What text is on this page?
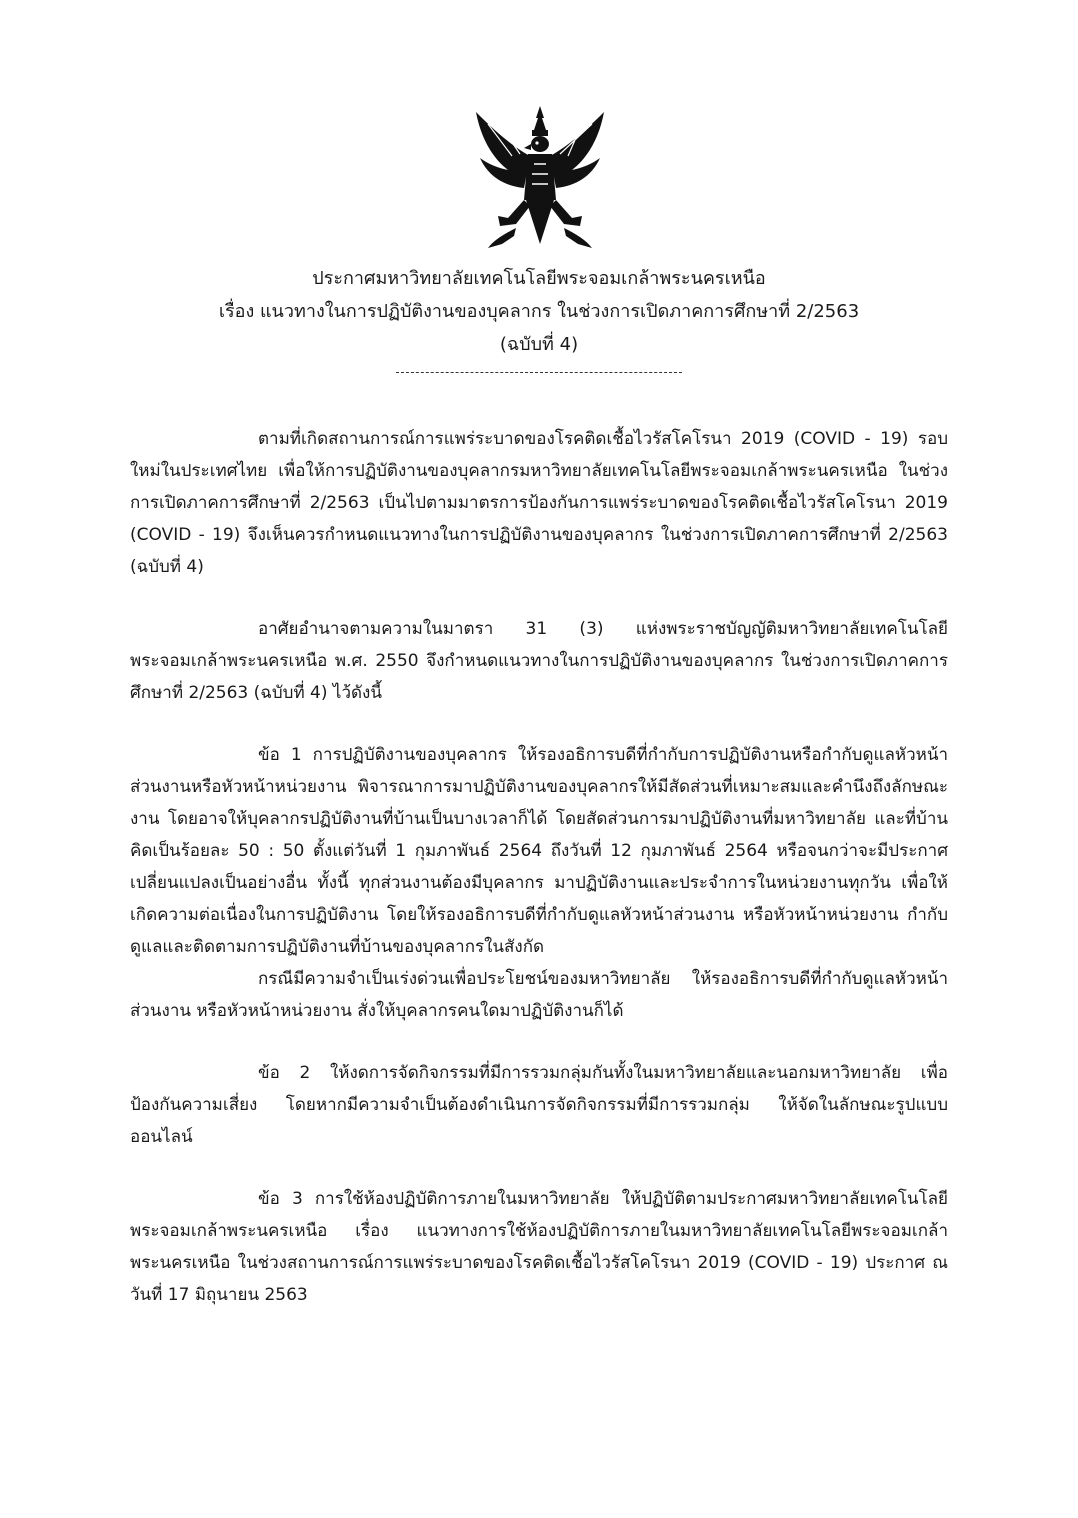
ประกาศมหาวิทยาลัยเทคโนโลยีพระจอมเกล้าพระนครเหนือ
เรื่อง แนวทางในการปฏิบัติงานของบุคลากร ในช่วงการเปิดภาคการศึกษาที่ 2/2563
(ฉบับที่ 4)

ตามที่เกิดสถานการณ์การแพร่ระบาดของโรคติดเชื้อไวรัสโคโรนา 2019 (COVID - 19) รอบใหม่ในประเทศไทย เพื่อให้การปฏิบัติงานของบุคลากรมหาวิทยาลัยเทคโนโลยีพระจอมเกล้าพระนครเหนือ ในช่วงการเปิดภาคการศึกษาที่ 2/2563 เป็นไปตามมาตรการป้องกันการแพร่ระบาดของโรคติดเชื้อไวรัสโคโรนา 2019 (COVID - 19) จึงเห็นควรกำหนดแนวทางในการปฏิบัติงานของบุคลากร ในช่วงการเปิดภาคการศึกษาที่ 2/2563 (ฉบับที่ 4)

อาศัยอำนาจตามความในมาตรา 31 (3) แห่งพระราชบัญญัติมหาวิทยาลัยเทคโนโลยีพระจอมเกล้าพระนครเหนือ พ.ศ. 2550 จึงกำหนดแนวทางในการปฏิบัติงานของบุคลากร ในช่วงการเปิดภาคการศึกษาที่ 2/2563 (ฉบับที่ 4) ไว้ดังนี้

ข้อ 1 การปฏิบัติงานของบุคลากร ให้รองอธิการบดีที่กำกับการปฏิบัติงานหรือกำกับดูแลหัวหน้าส่วนงานหรือหัวหน้าหน่วยงาน พิจารณาการมาปฏิบัติงานของบุคลากรให้มีสัดส่วนที่เหมาะสมและคำนึงถึงลักษณะงาน โดยอาจให้บุคลากรปฏิบัติงานที่บ้านเป็นบางเวลาก็ได้ โดยสัดส่วนการมาปฏิบัติงานที่มหาวิทยาลัย และที่บ้าน คิดเป็นร้อยละ 50 : 50 ตั้งแต่วันที่ 1 กุมภาพันธ์ 2564 ถึงวันที่ 12 กุมภาพันธ์ 2564 หรือจนกว่าจะมีประกาศเปลี่ยนแปลงเป็นอย่างอื่น ทั้งนี้ ทุกส่วนงานต้องมีบุคลากร มาปฏิบัติงานและประจำการในหน่วยงานทุกวัน เพื่อให้เกิดความต่อเนื่องในการปฏิบัติงาน โดยให้รองอธิการบดีที่กำกับดูแลหัวหน้าส่วนงาน หรือหัวหน้าหน่วยงาน กำกับดูแลและติดตามการปฏิบัติงานที่บ้านของบุคลากรในสังกัด

กรณีมีความจำเป็นเร่งด่วนเพื่อประโยชน์ของมหาวิทยาลัย ให้รองอธิการบดีที่กำกับดูแลหัวหน้าส่วนงาน หรือหัวหน้าหน่วยงาน สั่งให้บุคลากรคนใดมาปฏิบัติงานก็ได้

ข้อ 2 ให้งดการจัดกิจกรรมที่มีการรวมกลุ่มกันทั้งในมหาวิทยาลัยและนอกมหาวิทยาลัย เพื่อป้องกันความเสี่ยง โดยหากมีความจำเป็นต้องดำเนินการจัดกิจกรรมที่มีการรวมกลุ่ม ให้จัดในลักษณะรูปแบบออนไลน์

ข้อ 3 การใช้ห้องปฏิบัติการภายในมหาวิทยาลัย ให้ปฏิบัติตามประกาศมหาวิทยาลัยเทคโนโลยีพระจอมเกล้าพระนครเหนือ เรื่อง แนวทางการใช้ห้องปฏิบัติการภายในมหาวิทยาลัยเทคโนโลยีพระจอมเกล้าพระนครเหนือ ในช่วงสถานการณ์การแพร่ระบาดของโรคติดเชื้อไวรัสโคโรนา 2019 (COVID - 19) ประกาศ ณ วันที่ 17 มิถุนายน 2563
